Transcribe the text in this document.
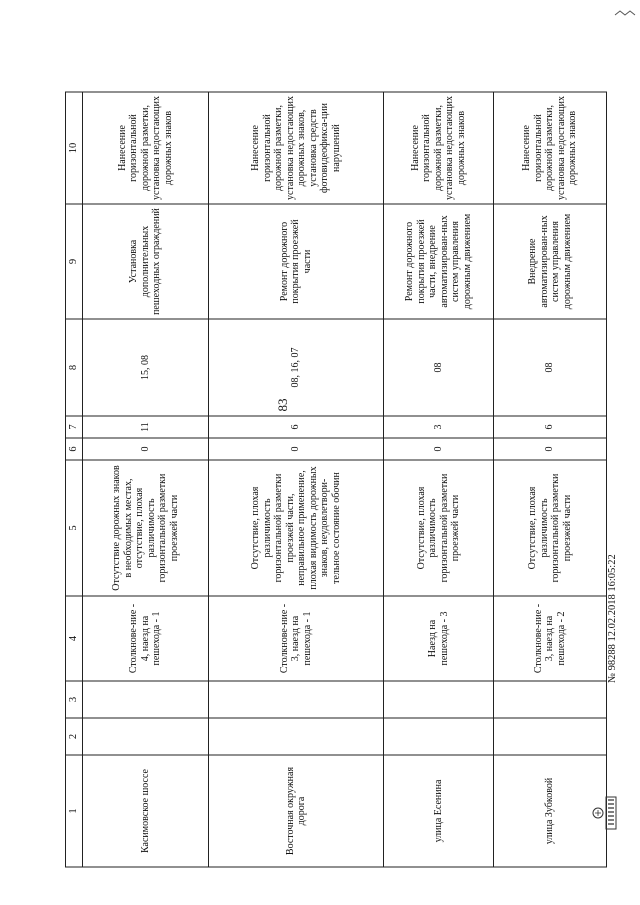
83
1	2	3	4	5	6	7	8	9	10
Касимовское шоссе			Столкнове-ние - 4, наезд на пешехода - 1	Отсутствие дорожных знаков в необходимых местах, отсутствие, плохая различимость горизонтальной разметки проезжей части	0	11	15, 08	Установка дополнительных пешеходных ограждений	Нанесение горизонтальной дорожной разметки, установка недостающих дорожных знаков
Восточная окружная дорога			Столкнове-ние - 3, наезд на пешехода - 1	Отсутствие, плохая различимость горизонтальной разметки проезжей части, неправильное применение, плохая видимость дорожных знаков, неудовлетвори-тельное состояние обочин	0	6	08, 16, 07	Ремонт дорожного покрытия проезжей части	Нанесение горизонтальной дорожной разметки, установка недостающих дорожных знаков, установка средств фотовидеофикса-ции нарушений
улица Есенина			Наезд на пешехода - 3	Отсутствие, плохая различимость горизонтальной разметки проезжей части	0	3	08	Ремонт дорожного покрытия проезжей части, внедрение автоматизирован-ных систем управления дорожным движением	Нанесение горизонтальной дорожной разметки, установка недостающих дорожных знаков
улица Зубковой			Столкнове-ние - 3, наезд на пешехода - 2	Отсутствие, плохая различимость горизонтальной разметки проезжей части	0	6	08	Внедрение автоматизирован-ных систем управления дорожным движением	Нанесение горизонтальной дорожной разметки, установка недостающих дорожных знаков
№ 98288 12.02.2018 16:05:22
